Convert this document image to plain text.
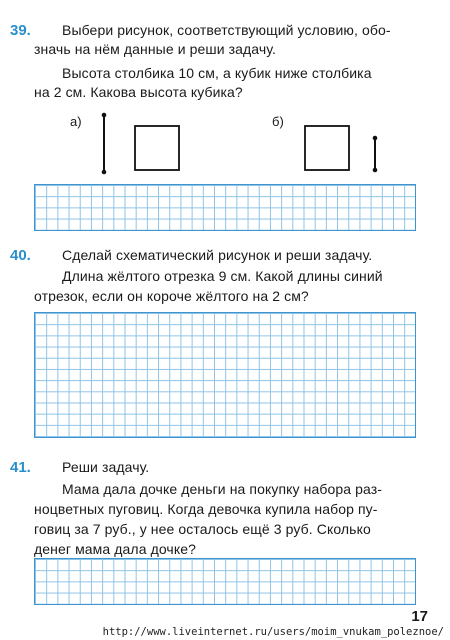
39. Выбери рисунок, соответствующий условию, обо-
значь на нём данные и реши задачу.
Высота столбика 10 см, а кубик ниже столбика
на 2 см. Какова высота кубика?
а)	б)
40. Сделай схематический рисунок и реши задачу.
Длина жёлтого отрезка 9 см. Какой длины синий
отрезок, если он короче жёлтого на 2 см?
41. Реши задачу.
Мама дала дочке деньги на покупку набора раз-
ноцветных пуговиц. Когда девочка купила набор пу-
говиц за 7 руб., у нее осталось ещё 3 руб. Сколько
денег мама дала дочке?
17
http://www.liveinternet.ru/users/moim_vnukam_poleznoe/
